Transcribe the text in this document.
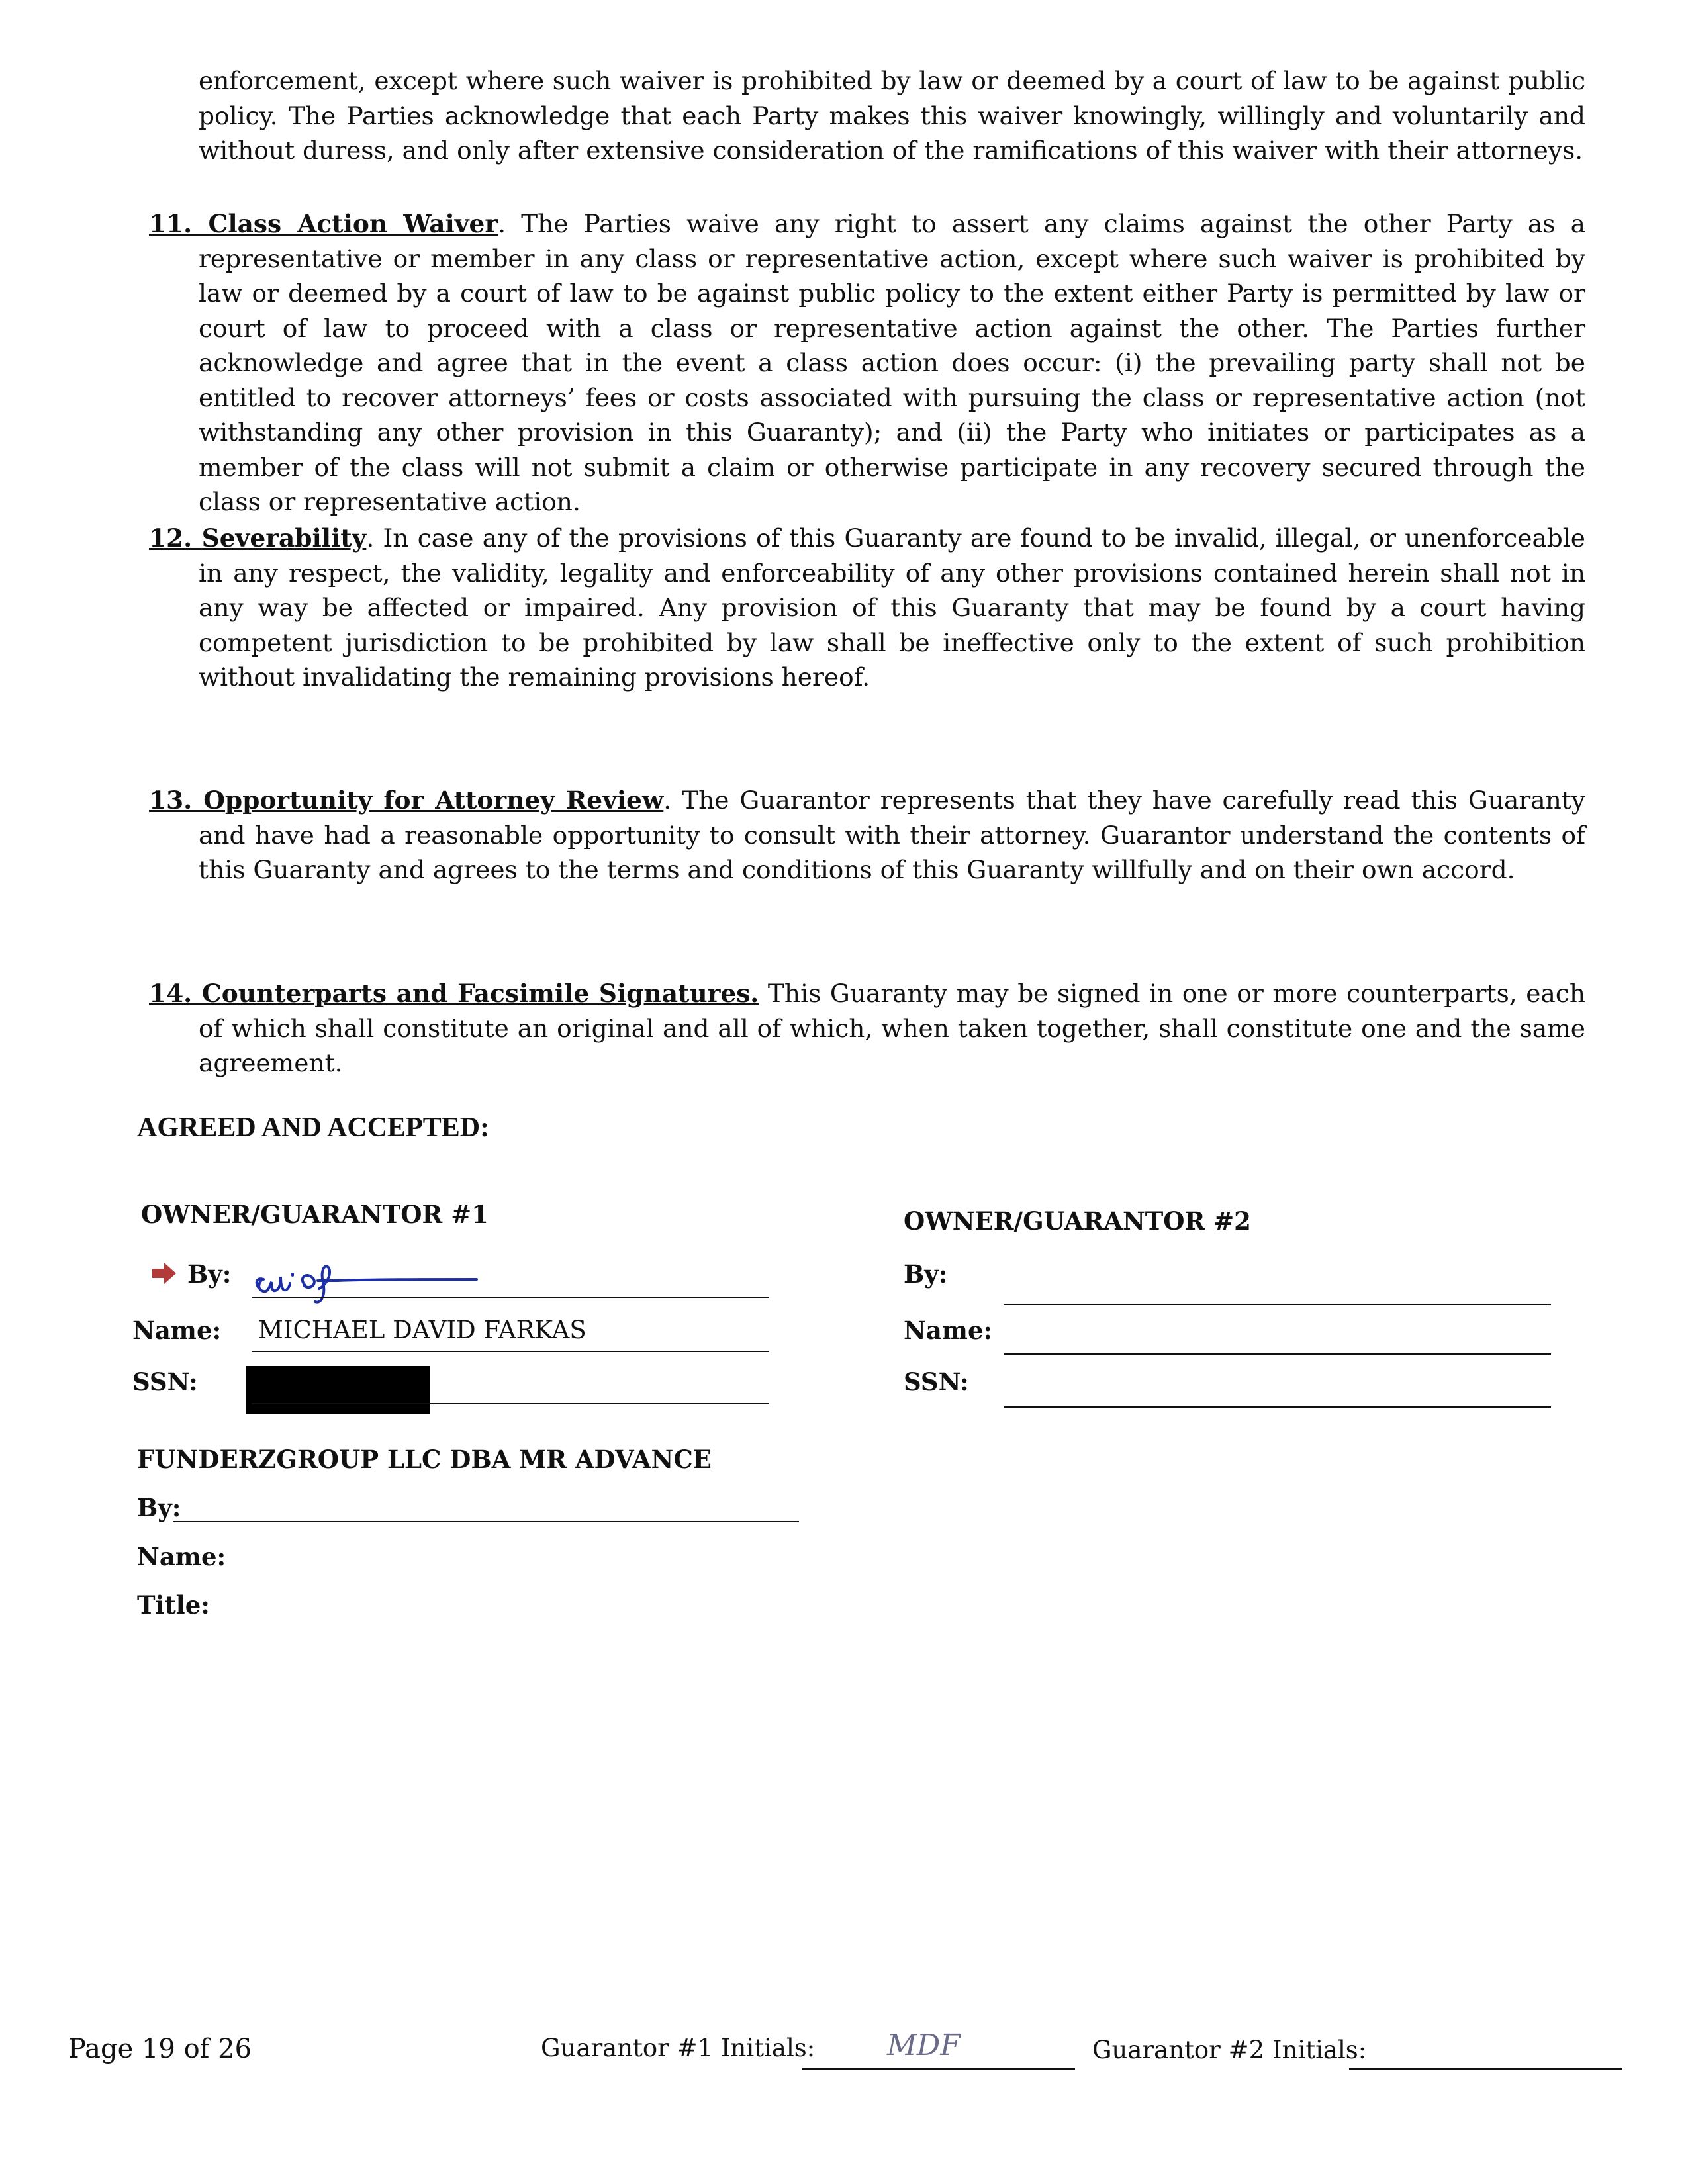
enforcement, except where such waiver is prohibited by law or deemed by a court of law to be against public policy. The Parties acknowledge that each Party makes this waiver knowingly, willingly and voluntarily and without duress, and only after extensive consideration of the ramifications of this waiver with their attorneys.
11. Class Action Waiver. The Parties waive any right to assert any claims against the other Party as a representative or member in any class or representative action, except where such waiver is prohibited by law or deemed by a court of law to be against public policy to the extent either Party is permitted by law or court of law to proceed with a class or representative action against the other. The Parties further acknowledge and agree that in the event a class action does occur: (i) the prevailing party shall not be entitled to recover attorneys’ fees or costs associated with pursuing the class or representative action (not withstanding any other provision in this Guaranty); and (ii) the Party who initiates or participates as a member of the class will not submit a claim or otherwise participate in any recovery secured through the class or representative action.
12. Severability. In case any of the provisions of this Guaranty are found to be invalid, illegal, or unenforceable in any respect, the validity, legality and enforceability of any other provisions contained herein shall not in any way be affected or impaired. Any provision of this Guaranty that may be found by a court having competent jurisdiction to be prohibited by law shall be ineffective only to the extent of such prohibition without invalidating the remaining provisions hereof.
13. Opportunity for Attorney Review. The Guarantor represents that they have carefully read this Guaranty and have had a reasonable opportunity to consult with their attorney. Guarantor understand the contents of this Guaranty and agrees to the terms and conditions of this Guaranty willfully and on their own accord.
14. Counterparts and Facsimile Signatures. This Guaranty may be signed in one or more counterparts, each of which shall constitute an original and all of which, when taken together, shall constitute one and the same agreement.
AGREED AND ACCEPTED:
OWNER/GUARANTOR #1
By:
Name: MICHAEL DAVID FARKAS
SSN:
OWNER/GUARANTOR #2
By:
Name:
SSN:
FUNDERZGROUP LLC DBA MR ADVANCE
By:
Name:
Title:
Page 19 of 26	Guarantor #1 Initials: MDF	Guarantor #2 Initials:
